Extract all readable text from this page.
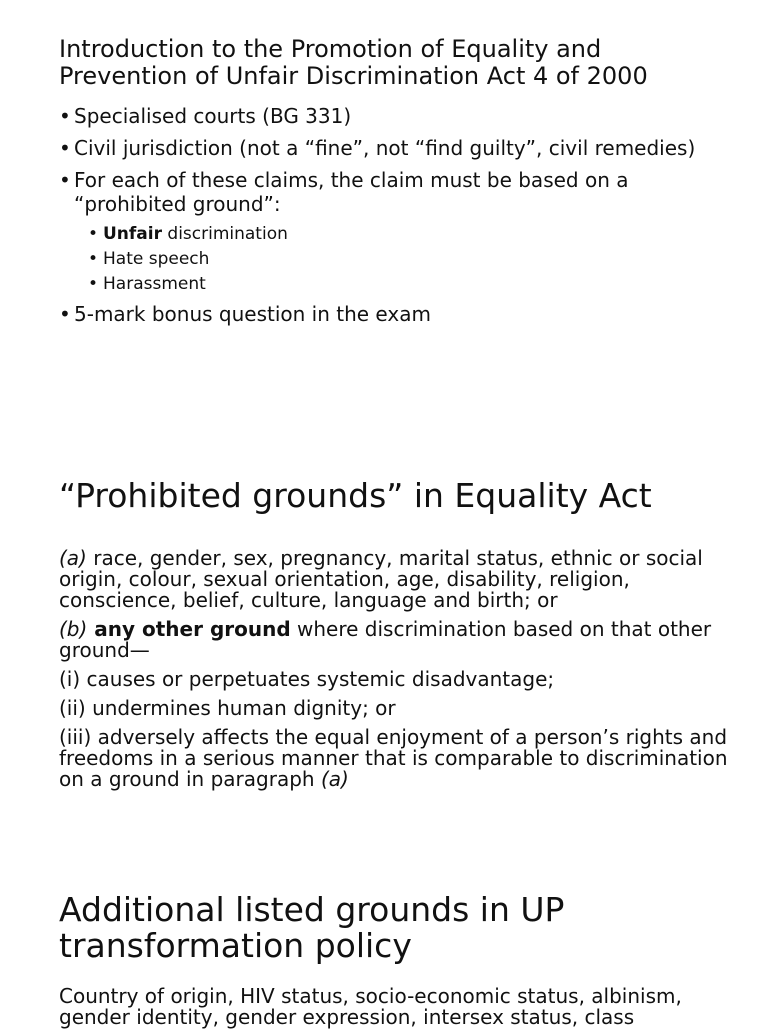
Introduction to the Promotion of Equality and Prevention of Unfair Discrimination Act 4 of 2000
• Specialised courts (BG 331)
• Civil jurisdiction (not a “fine”, not “find guilty”, civil remedies)
• For each of these claims, the claim must be based on a “prohibited ground”:
• Unfair discrimination
• Hate speech
• Harassment
• 5-mark bonus question in the exam
“Prohibited grounds” in Equality Act

(a) race, gender, sex, pregnancy, marital status, ethnic or social origin, colour, sexual orientation, age, disability, religion, conscience, belief, culture, language and birth; or

(b) any other ground where discrimination based on that other ground—

(i) causes or perpetuates systemic disadvantage;

(ii) undermines human dignity; or

(iii) adversely affects the equal enjoyment of a person’s rights and freedoms in a serious manner that is comparable to discrimination on a ground in paragraph (a)

Additional listed grounds in UP transformation policy

Country of origin, HIV status, socio-economic status, albinism, gender identity, gender expression, intersex status, class
